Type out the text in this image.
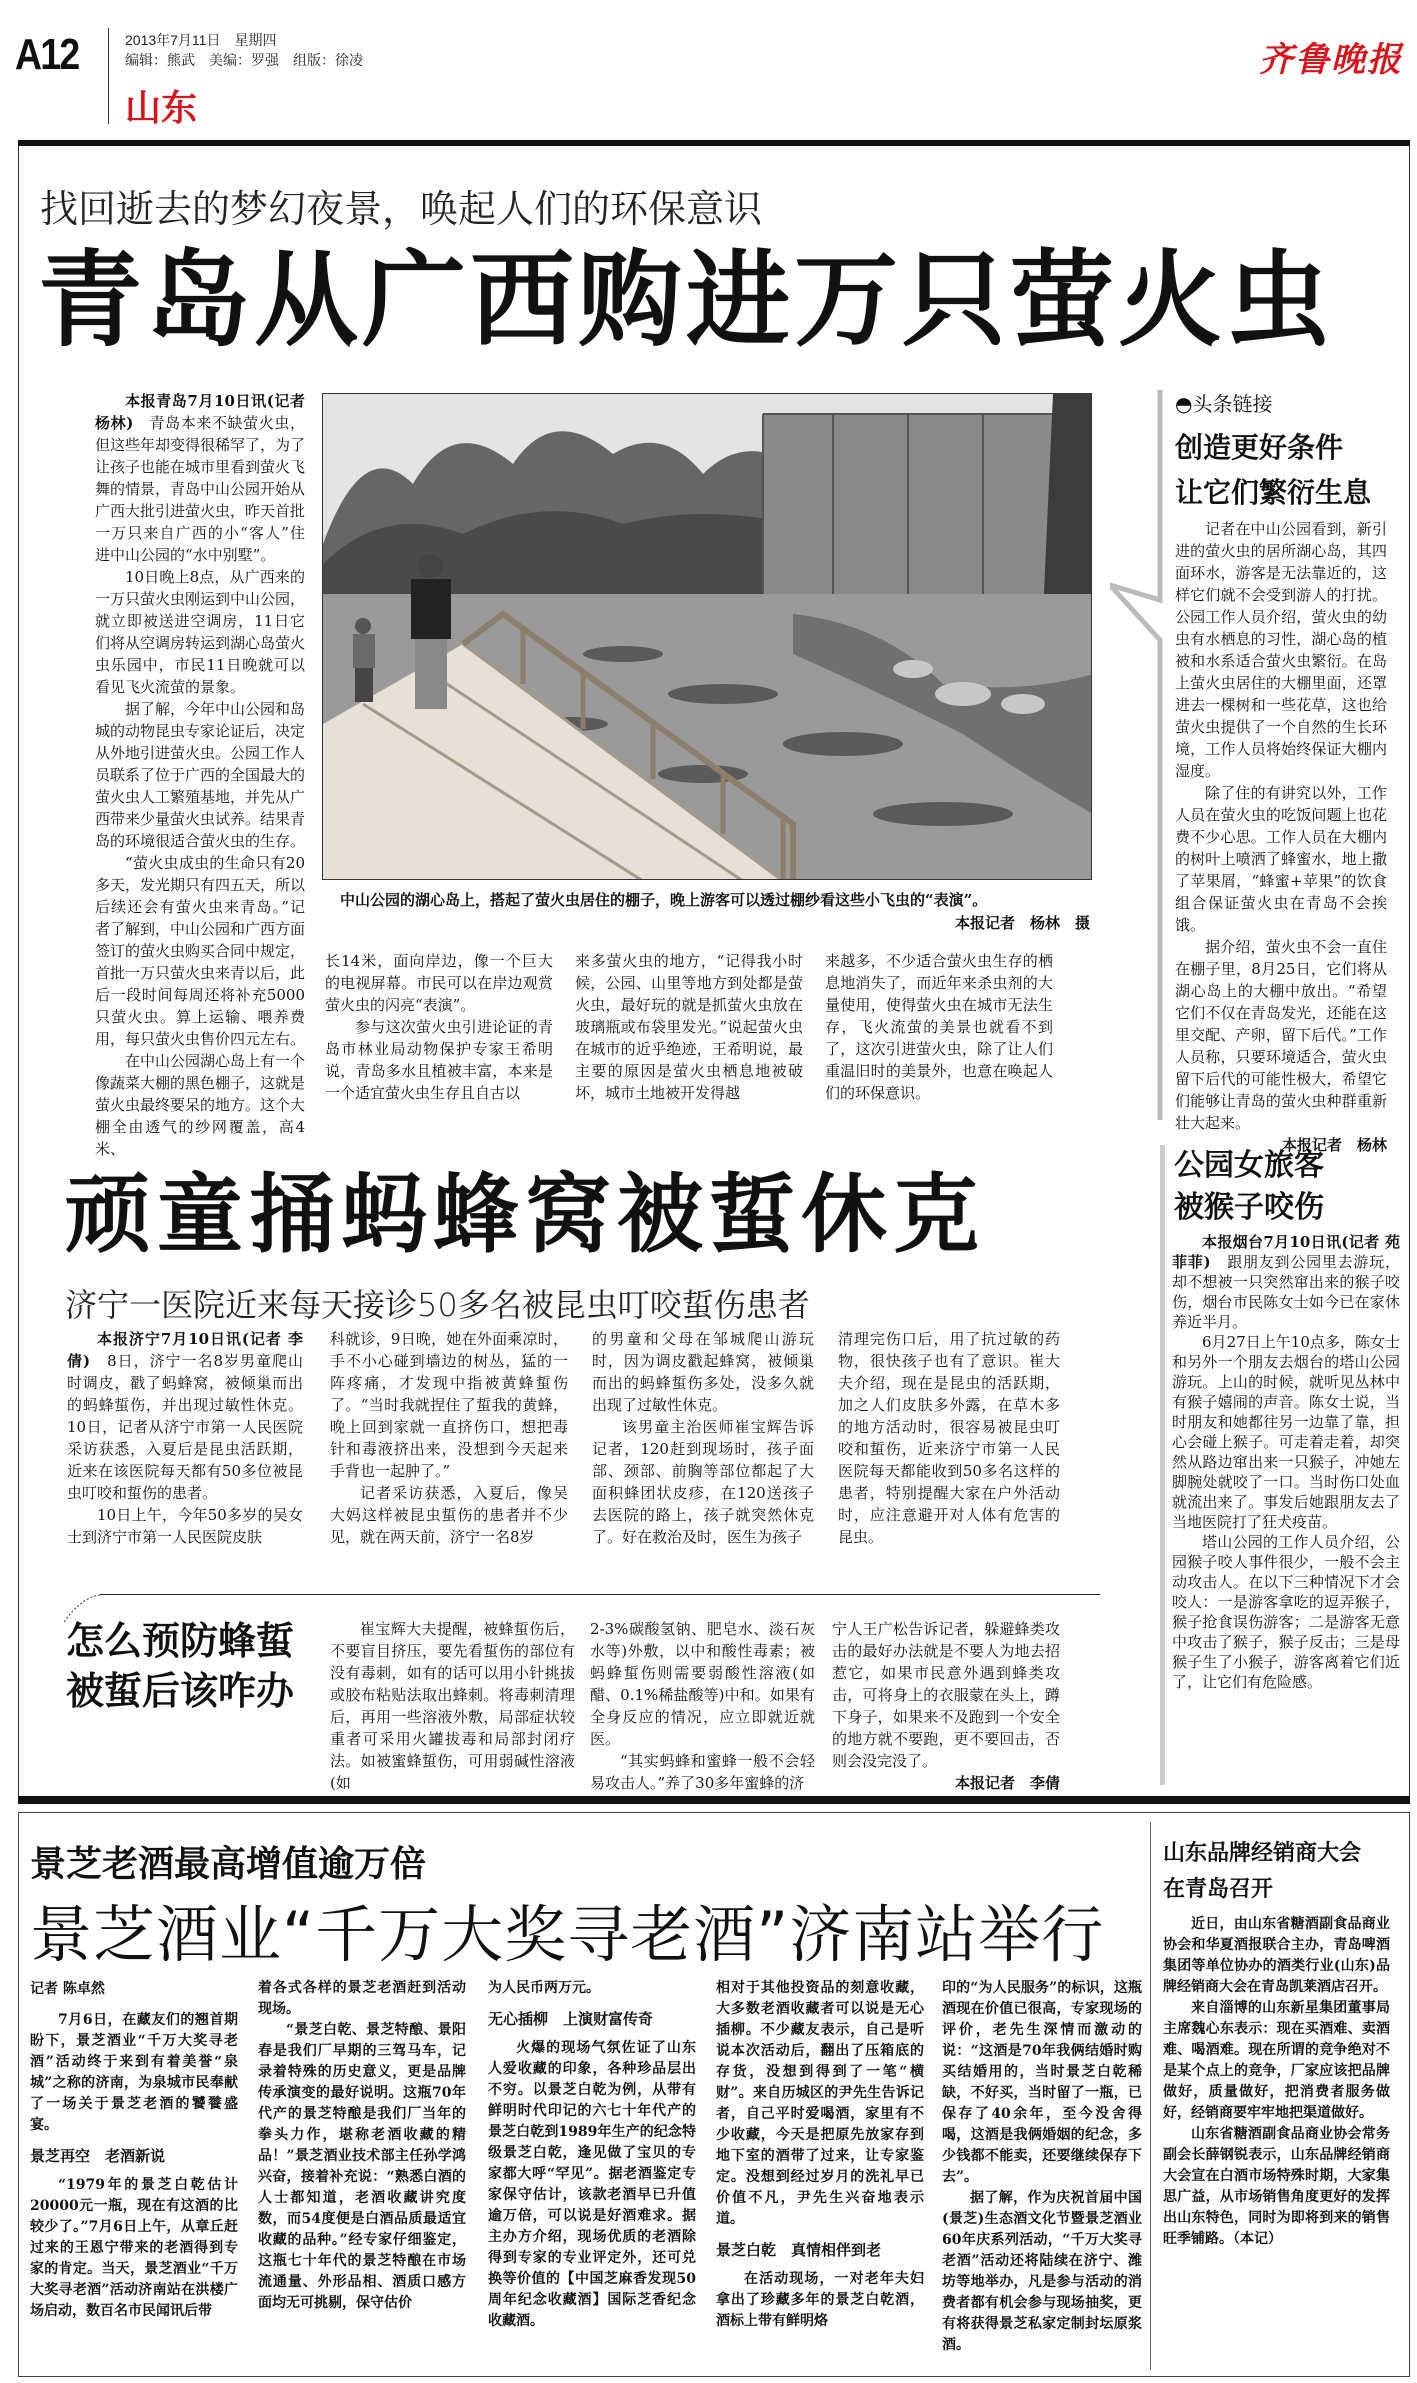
A12	2013年7月11日　星期四
编辑：熊武　美编：罗强　组版：徐凌
山东
齐鲁晚报
找回逝去的梦幻夜景，唤起人们的环保意识
青岛从广西购进万只萤火虫

本报青岛7月10日讯(记者 杨林)　青岛本来不缺萤火虫，但这些年却变得很稀罕了，为了让孩子也能在城市里看到萤火飞舞的情景，青岛中山公园开始从广西大批引进萤火虫，昨天首批一万只来自广西的小“客人”住进中山公园的“水中别墅”。

10日晚上8点，从广西来的一万只萤火虫刚运到中山公园，就立即被送进空调房，11日它们将从空调房转运到湖心岛萤火虫乐园中，市民11日晚就可以看见飞火流萤的景象。

据了解，今年中山公园和岛城的动物昆虫专家论证后，决定从外地引进萤火虫。公园工作人员联系了位于广西的全国最大的萤火虫人工繁殖基地，并先从广西带来少量萤火虫试养。结果青岛的环境很适合萤火虫的生存。

“萤火虫成虫的生命只有20多天，发光期只有四五天，所以后续还会有萤火虫来青岛。”记者了解到，中山公园和广西方面签订的萤火虫购买合同中规定，首批一万只萤火虫来青以后，此后一段时间每周还将补充5000只萤火虫。算上运输、喂养费用，每只萤火虫售价四元左右。

在中山公园湖心岛上有一个像蔬菜大棚的黑色棚子，这就是萤火虫最终要呆的地方。这个大棚全由透气的纱网覆盖，高4米、

中山公园的湖心岛上，搭起了萤火虫居住的棚子，晚上游客可以透过棚纱看这些小飞虫的“表演”。
本报记者　杨林　摄

长14米，面向岸边，像一个巨大的电视屏幕。市民可以在岸边观赏萤火虫的闪亮“表演”。

参与这次萤火虫引进论证的青岛市林业局动物保护专家王希明说，青岛多水且植被丰富，本来是一个适宜萤火虫生存且自古以

来多萤火虫的地方，“记得我小时候，公园、山里等地方到处都是萤火虫，最好玩的就是抓萤火虫放在玻璃瓶或布袋里发光。”说起萤火虫在城市的近乎绝迹，王希明说，最主要的原因是萤火虫栖息地被破坏，城市土地被开发得越

来越多，不少适合萤火虫生存的栖息地消失了，而近年来杀虫剂的大量使用，使得萤火虫在城市无法生存，飞火流萤的美景也就看不到了，这次引进萤火虫，除了让人们重温旧时的美景外，也意在唤起人们的环保意识。

◓头条链接
创造更好条件
让它们繁衍生息

记者在中山公园看到，新引进的萤火虫的居所湖心岛，其四面环水，游客是无法靠近的，这样它们就不会受到游人的打扰。公园工作人员介绍，萤火虫的幼虫有水栖息的习性，湖心岛的植被和水系适合萤火虫繁衍。在岛上萤火虫居住的大棚里面，还罩进去一棵树和一些花草，这也给萤火虫提供了一个自然的生长环境，工作人员将始终保证大棚内湿度。

除了住的有讲究以外，工作人员在萤火虫的吃饭问题上也花费不少心思。工作人员在大棚内的树叶上喷洒了蜂蜜水，地上撒了苹果屑，“蜂蜜+苹果”的饮食组合保证萤火虫在青岛不会挨饿。

据介绍，萤火虫不会一直住在棚子里，8月25日，它们将从湖心岛上的大棚中放出。“希望它们不仅在青岛发光，还能在这里交配、产卵，留下后代。”工作人员称，只要环境适合，萤火虫留下后代的可能性极大，希望它们能够让青岛的萤火虫种群重新壮大起来。

本报记者　杨林
顽童捅蚂蜂窝被蜇休克
济宁一医院近来每天接诊50多名被昆虫叮咬蜇伤患者

本报济宁7月10日讯(记者 李倩)　8日，济宁一名8岁男童爬山时调皮，戳了蚂蜂窝，被倾巢而出的蚂蜂蜇伤，并出现过敏性休克。10日，记者从济宁市第一人民医院采访获悉，入夏后是昆虫活跃期，近来在该医院每天都有50多位被昆虫叮咬和蜇伤的患者。

10日上午，今年50多岁的吴女士到济宁市第一人民医院皮肤

科就诊，9日晚，她在外面乘凉时，手不小心碰到墙边的树丛，猛的一阵疼痛，才发现中指被黄蜂蜇伤了。“当时我就捏住了蜇我的黄蜂，晚上回到家就一直挤伤口，想把毒针和毒液挤出来，没想到今天起来手背也一起肿了。”

记者采访获悉，入夏后，像吴大妈这样被昆虫蜇伤的患者并不少见，就在两天前，济宁一名8岁

的男童和父母在邹城爬山游玩时，因为调皮戳起蜂窝，被倾巢而出的蚂蜂蜇伤多处，没多久就出现了过敏性休克。

该男童主治医师崔宝辉告诉记者，120赶到现场时，孩子面部、颈部、前胸等部位都起了大面积蜂团状皮疹，在120送孩子去医院的路上，孩子就突然休克了。好在救治及时，医生为孩子

清理完伤口后，用了抗过敏的药物，很快孩子也有了意识。崔大夫介绍，现在是昆虫的活跃期，加之人们皮肤多外露，在草木多的地方活动时，很容易被昆虫叮咬和蜇伤，近来济宁市第一人民医院每天都能收到50多名这样的患者，特别提醒大家在户外活动时，应注意避开对人体有危害的昆虫。

怎么预防蜂蜇
被蜇后该咋办

崔宝辉大夫提醒，被蜂蜇伤后，不要盲目挤压，要先看蜇伤的部位有没有毒刺，如有的话可以用小针挑拔或胶布粘贴法取出蜂刺。将毒刺清理后，再用一些溶液外敷，局部症状较重者可采用火罐拔毒和局部封闭疗法。如被蜜蜂蜇伤，可用弱碱性溶液(如

2-3%碳酸氢钠、肥皂水、淡石灰水等)外敷，以中和酸性毒素；被蚂蜂蜇伤则需要弱酸性溶液(如醋、0.1%稀盐酸等)中和。如果有全身反应的情况，应立即就近就医。

“其实蚂蜂和蜜蜂一般不会轻易攻击人。”养了30多年蜜蜂的济

宁人王广松告诉记者，躲避蜂类攻击的最好办法就是不要人为地去招惹它，如果市民意外遇到蜂类攻击，可将身上的衣服蒙在头上，蹲下身子，如果来不及跑到一个安全的地方就不要跑，更不要回击，否则会没完没了。

本报记者　李倩
公园女旅客
被猴子咬伤

本报烟台7月10日讯(记者 苑菲菲)　跟朋友到公园里去游玩，却不想被一只突然窜出来的猴子咬伤，烟台市民陈女士如今已在家休养近半月。

6月27日上午10点多，陈女士和另外一个朋友去烟台的塔山公园游玩。上山的时候，就听见丛林中有猴子嬉闹的声音。陈女士说，当时朋友和她都往另一边靠了靠，担心会碰上猴子。可走着走着，却突然从路边窜出来一只猴子，冲她左脚腕处就咬了一口。当时伤口处血就流出来了。事发后她跟朋友去了当地医院打了狂犬疫苗。

塔山公园的工作人员介绍，公园猴子咬人事件很少，一般不会主动攻击人。在以下三种情况下才会咬人：一是游客拿吃的逗弄猴子，猴子抢食误伤游客；二是游客无意中攻击了猴子，猴子反击；三是母猴子生了小猴子，游客离着它们近了，让它们有危险感。

景芝老酒最高增值逾万倍
景芝酒业“千万大奖寻老酒”济南站举行
记者 陈卓然

7月6日，在藏友们的翘首期盼下，景芝酒业“千万大奖寻老酒”活动终于来到有着美誉“泉城”之称的济南，为泉城市民奉献了一场关于景芝老酒的饕餮盛宴。

景芝再空　老酒新说

“1979年的景芝白乾估计20000元一瓶，现在有这酒的比较少了。”7月6日上午，从章丘赶过来的王恩宁带来的老酒得到专家的肯定。当天，景芝酒业“千万大奖寻老酒”活动济南站在洪楼广场启动，数百名市民闻讯后带

着各式各样的景芝老酒赶到活动现场。

“景芝白乾、景芝特酿、景阳春是我们厂早期的三驾马车，记录着特殊的历史意义，更是品牌传承演变的最好说明。这瓶70年代产的景芝特酿是我们厂当年的拳头力作，堪称老酒收藏的精品！”景芝酒业技术部主任孙学鸿兴奋，接着补充说：“熟悉白酒的人士都知道，老酒收藏讲究度数，而54度便是白酒品质最适宜收藏的品种。”经专家仔细鉴定，这瓶七十年代的景芝特酿在市场流通量、外形品相、酒质口感方面均无可挑剔，保守估价

为人民币两万元。

无心插柳　上演财富传奇

火爆的现场气氛佐证了山东人爱收藏的印象，各种珍品层出不穷。以景芝白乾为例，从带有鲜明时代印记的六七十年代产的景芝白乾到1989年生产的纪念特级景芝白乾，逢见做了宝贝的专家都大呼“罕见”。据老酒鉴定专家保守估计，该款老酒早已升值逾万倍，可以说是好酒难求。据主办方介绍，现场优质的老酒除得到专家的专业评定外，还可兑换等价值的【中国芝麻香发现50周年纪念收藏酒】国际芝香纪念收藏酒。

相对于其他投资品的刻意收藏，大多数老酒收藏者可以说是无心插柳。不少藏友表示，自己是听说本次活动后，翻出了压箱底的存货，没想到得到了一笔“横财”。来自历城区的尹先生告诉记者，自己平时爱喝酒，家里有不少收藏，今天是把原先放家存到地下室的酒带了过来，让专家鉴定。没想到经过岁月的洗礼早已价值不凡，尹先生兴奋地表示道。

景芝白乾　真情相伴到老

在活动现场，一对老年夫妇拿出了珍藏多年的景芝白乾酒，酒标上带有鲜明烙

印的“为人民服务”的标识，这瓶酒现在价值已很高，专家现场的评价，老先生深情而激动的说：“这酒是70年我俩结婚时购买结婚用的，当时景芝白乾稀缺，不好买，当时留了一瓶，已保存了40余年，至今没舍得喝，这酒是我俩婚姻的纪念，多少钱都不能卖，还要继续保存下去”。

据了解，作为庆祝首届中国(景芝)生态酒文化节暨景芝酒业60年庆系列活动，“千万大奖寻老酒”活动还将陆续在济宁、潍坊等地举办，凡是参与活动的消费者都有机会参与现场抽奖，更有将获得景芝私家定制封坛原浆酒。

山东品牌经销商大会
在青岛召开

近日，由山东省糖酒副食品商业协会和华夏酒报联合主办，青岛啤酒集团等单位协办的酒类行业(山东)品牌经销商大会在青岛凯莱酒店召开。

来自淄博的山东新星集团董事局主席魏心东表示：现在买酒难、卖酒难、喝酒难。现在所谓的竞争绝对不是某个点上的竞争，厂家应该把品牌做好，质量做好，把消费者服务做好，经销商要牢牢地把渠道做好。

山东省糖酒副食品商业协会常务副会长薛钢锐表示，山东品牌经销商大会宣在白酒市场特殊时期，大家集思广益，从市场销售角度更好的发挥出山东特色，同时为即将到来的销售旺季铺路。（本记）
